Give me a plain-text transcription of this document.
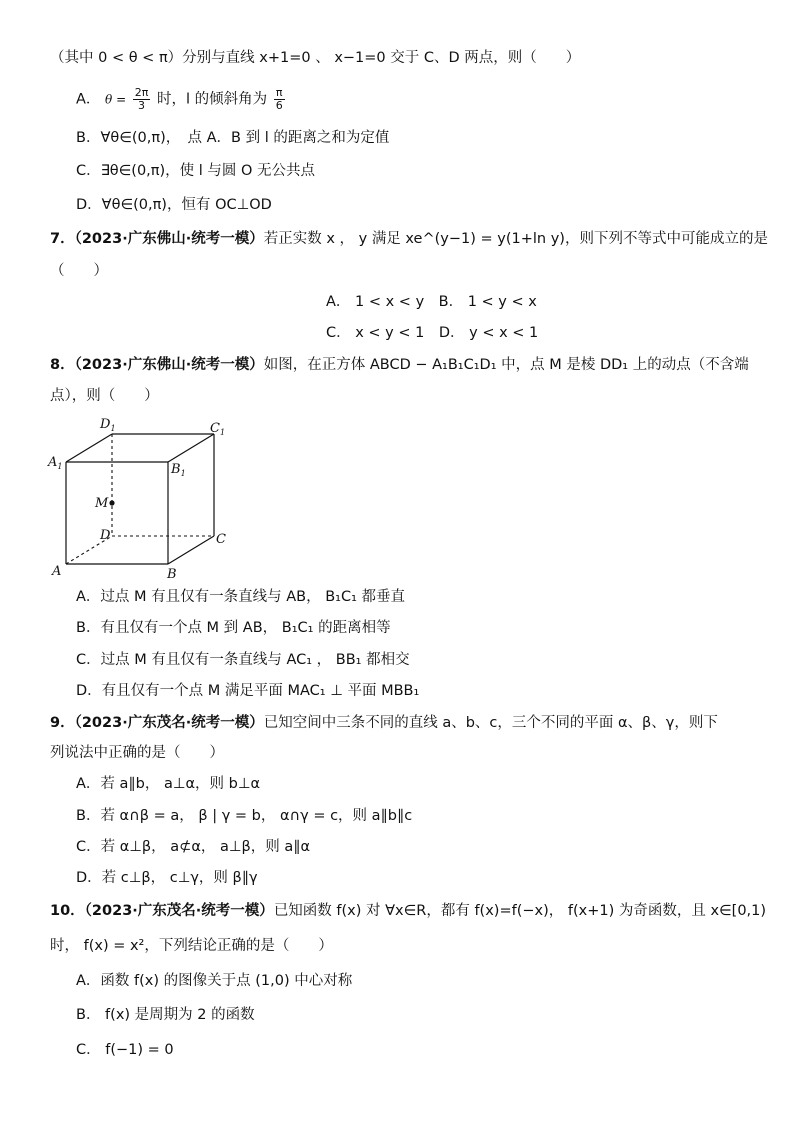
（其中 0 < θ < π）分别与直线 x+1=0 、 x−1=0 交于 C、D 两点，则（　　）
A． $\theta = \frac{2\pi}{3}$ 时，l 的倾斜角为 $\frac{\pi}{6}$
B．∀θ∈(0,π)，　点 A．B 到 l 的距离之和为定值
C．∃θ∈(0,π)，使 l 与圆 O 无公共点
D．∀θ∈(0,π)，恒有 OC⊥OD
7．（2023·广东佛山·统考一模）若正实数 x ， y 满足 xe^(y−1) = y(1+ln y)，则下列不等式中可能成立的是
（　　）
A． 1 < x < y　B． 1 < y < x
C． x < y < 1　D． y < x < 1
8．（2023·广东佛山·统考一模）如图，在正方体 ABCD − A₁B₁C₁D₁ 中，点 M 是棱 DD₁ 上的动点（不含端
点），则（　　）
$D_1$	$C_1$
$A_1$	$B_1$
M
D	C
A	B
A．过点 M 有且仅有一条直线与 AB， B₁C₁ 都垂直
B．有且仅有一个点 M 到 AB， B₁C₁ 的距离相等
C．过点 M 有且仅有一条直线与 AC₁ ， BB₁ 都相交
D．有且仅有一个点 M 满足平面 MAC₁ ⊥ 平面 MBB₁
9．（2023·广东茂名·统考一模）已知空间中三条不同的直线 a、b、c，三个不同的平面 α、β、γ，则下
列说法中正确的是（　　）
A．若 a∥b， a⊥α，则 b⊥α
B．若 α∩β = a， β | γ = b， α∩γ = c，则 a∥b∥c
C．若 α⊥β， a⊄α， a⊥β，则 a∥α
D．若 c⊥β， c⊥γ，则 β∥γ
10．（2023·广东茂名·统考一模）已知函数 f(x) 对 ∀x∈R，都有 f(x)=f(−x)， f(x+1) 为奇函数，且 x∈[0,1)
时， f(x) = x²，下列结论正确的是（　　）
A．函数 f(x) 的图像关于点 (1,0) 中心对称
B． f(x) 是周期为 2 的函数
C． f(−1) = 0
